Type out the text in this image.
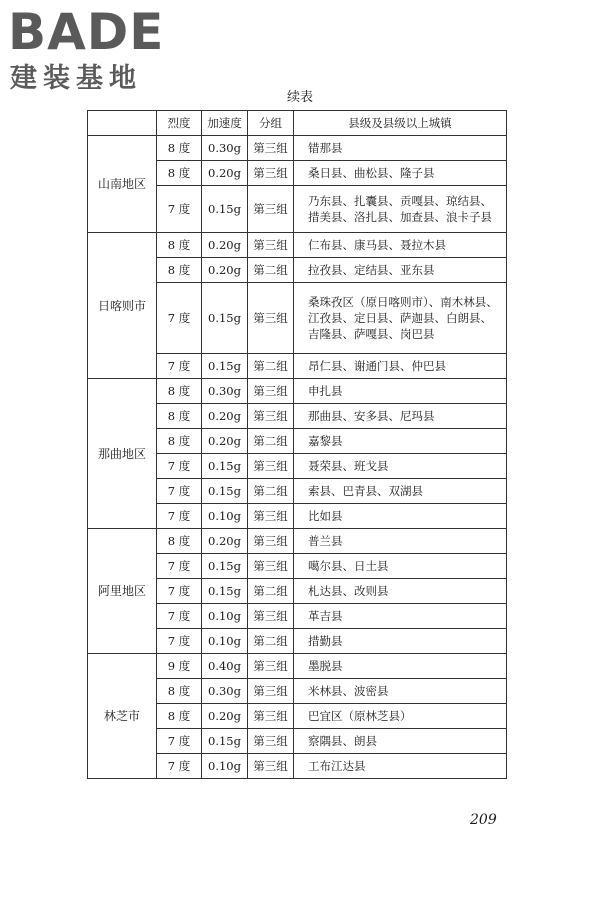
BADE
建装基地
续表
	烈度	加速度	分组	县级及县级以上城镇
山南地区	8 度	0.30g	第三组	错那县
	8 度	0.20g	第三组	桑日县、曲松县、隆子县
	7 度	0.15g	第三组	乃东县、扎囊县、贡嘎县、琼结县、措美县、洛扎县、加查县、浪卡子县
日喀则市	8 度	0.20g	第三组	仁布县、康马县、聂拉木县
	8 度	0.20g	第二组	拉孜县、定结县、亚东县
	7 度	0.15g	第三组	桑珠孜区（原日喀则市）、南木林县、江孜县、定日县、萨迦县、白朗县、吉隆县、萨嘎县、岗巴县
	7 度	0.15g	第二组	昂仁县、谢通门县、仲巴县
那曲地区	8 度	0.30g	第三组	申扎县
	8 度	0.20g	第三组	那曲县、安多县、尼玛县
	8 度	0.20g	第二组	嘉黎县
	7 度	0.15g	第三组	聂荣县、班戈县
	7 度	0.15g	第二组	索县、巴青县、双湖县
	7 度	0.10g	第三组	比如县
阿里地区	8 度	0.20g	第三组	普兰县
	7 度	0.15g	第三组	噶尔县、日土县
	7 度	0.15g	第二组	札达县、改则县
	7 度	0.10g	第三组	革吉县
	7 度	0.10g	第二组	措勤县
林芝市	9 度	0.40g	第三组	墨脱县
	8 度	0.30g	第三组	米林县、波密县
	8 度	0.20g	第三组	巴宜区（原林芝县）
	7 度	0.15g	第三组	察隅县、朗县
	7 度	0.10g	第三组	工布江达县
209
